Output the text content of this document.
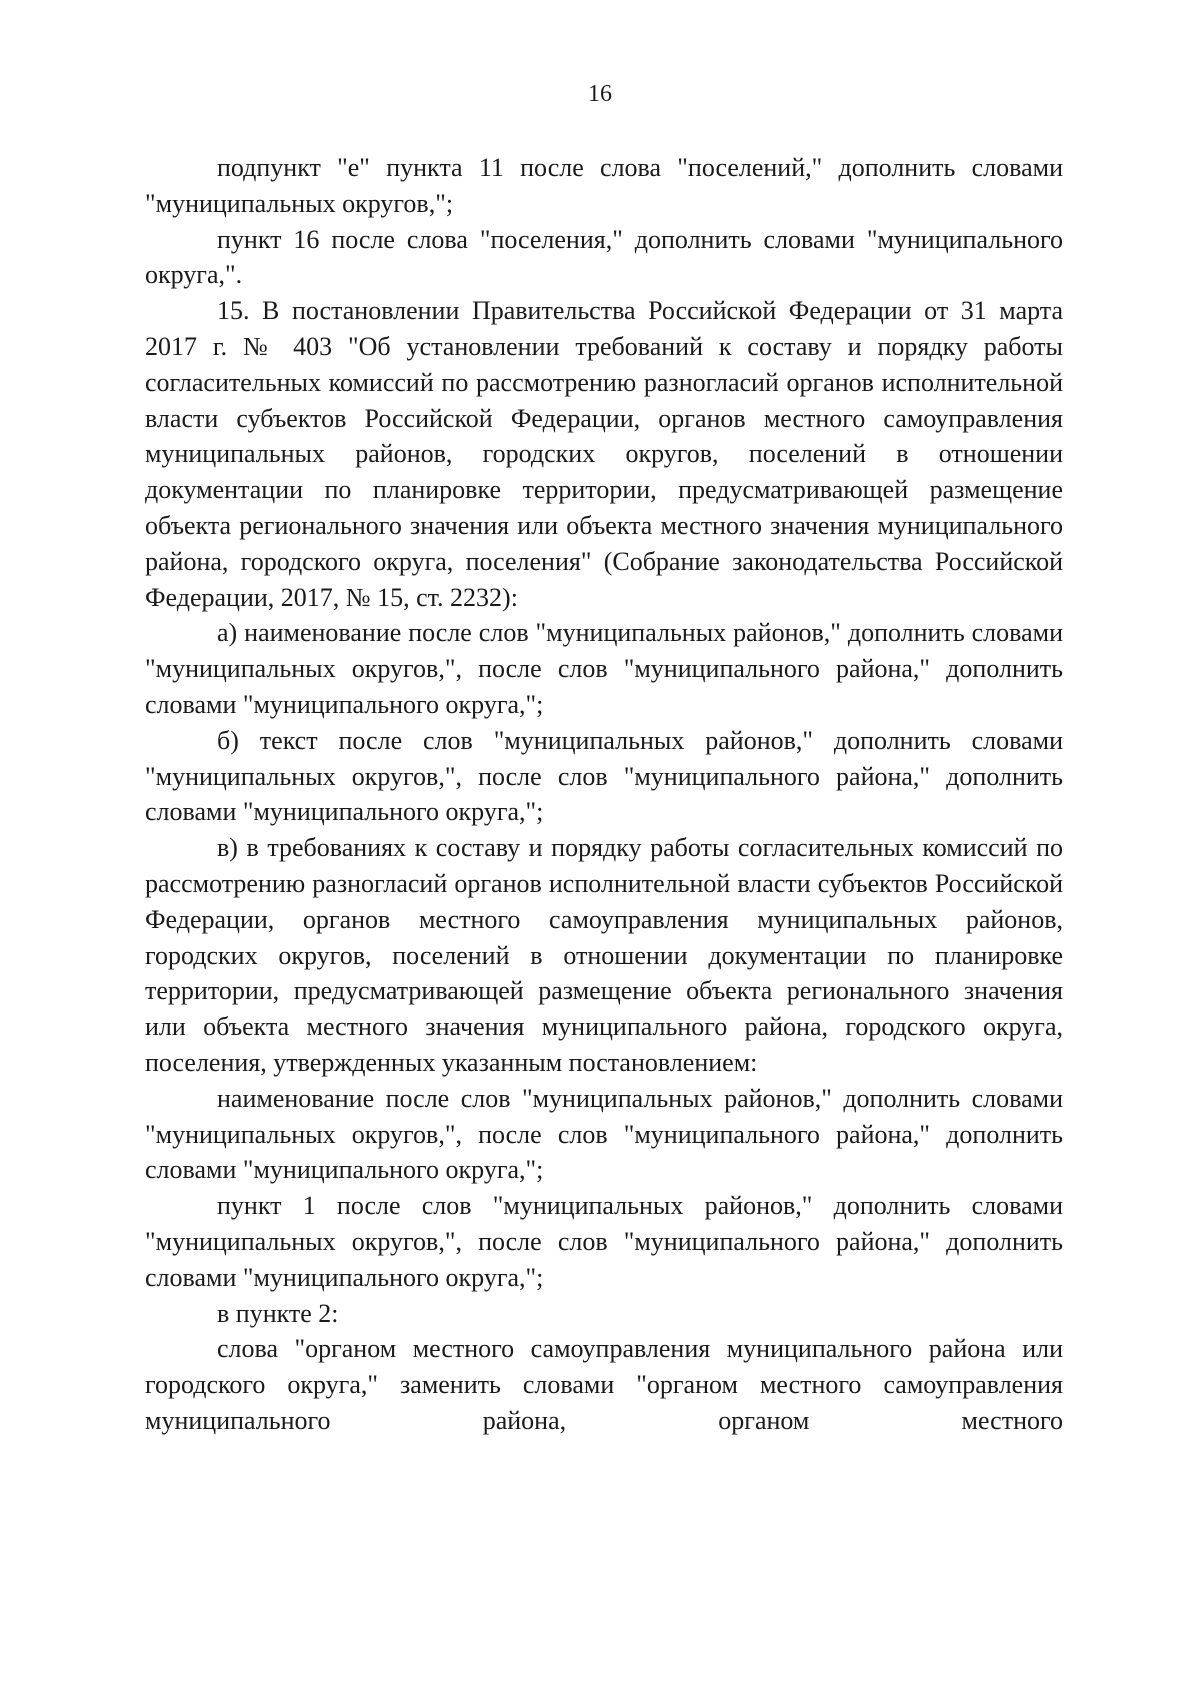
16

подпункт "е" пункта 11 после слова "поселений," дополнить словами "муниципальных округов,";

пункт 16 после слова "поселения," дополнить словами "муниципального округа,".

15. В постановлении Правительства Российской Федерации от 31 марта 2017 г. № 403 "Об установлении требований к составу и порядку работы согласительных комиссий по рассмотрению разногласий органов исполнительной власти субъектов Российской Федерации, органов местного самоуправления муниципальных районов, городских округов, поселений в отношении документации по планировке территории, предусматривающей размещение объекта регионального значения или объекта местного значения муниципального района, городского округа, поселения" (Собрание законодательства Российской Федерации, 2017, № 15, ст. 2232):

а) наименование после слов "муниципальных районов," дополнить словами "муниципальных округов,", после слов "муниципального района," дополнить словами "муниципального округа,";

б) текст после слов "муниципальных районов," дополнить словами "муниципальных округов,", после слов "муниципального района," дополнить словами "муниципального округа,";

в) в требованиях к составу и порядку работы согласительных комиссий по рассмотрению разногласий органов исполнительной власти субъектов Российской Федерации, органов местного самоуправления муниципальных районов, городских округов, поселений в отношении документации по планировке территории, предусматривающей размещение объекта регионального значения или объекта местного значения муниципального района, городского округа, поселения, утвержденных указанным постановлением:

наименование после слов "муниципальных районов," дополнить словами "муниципальных округов,", после слов "муниципального района," дополнить словами "муниципального округа,";

пункт 1 после слов "муниципальных районов," дополнить словами "муниципальных округов,", после слов "муниципального района," дополнить словами "муниципального округа,";

в пункте 2:

слова "органом местного самоуправления муниципального района или городского округа," заменить словами "органом местного самоуправления муниципального района, органом местного
